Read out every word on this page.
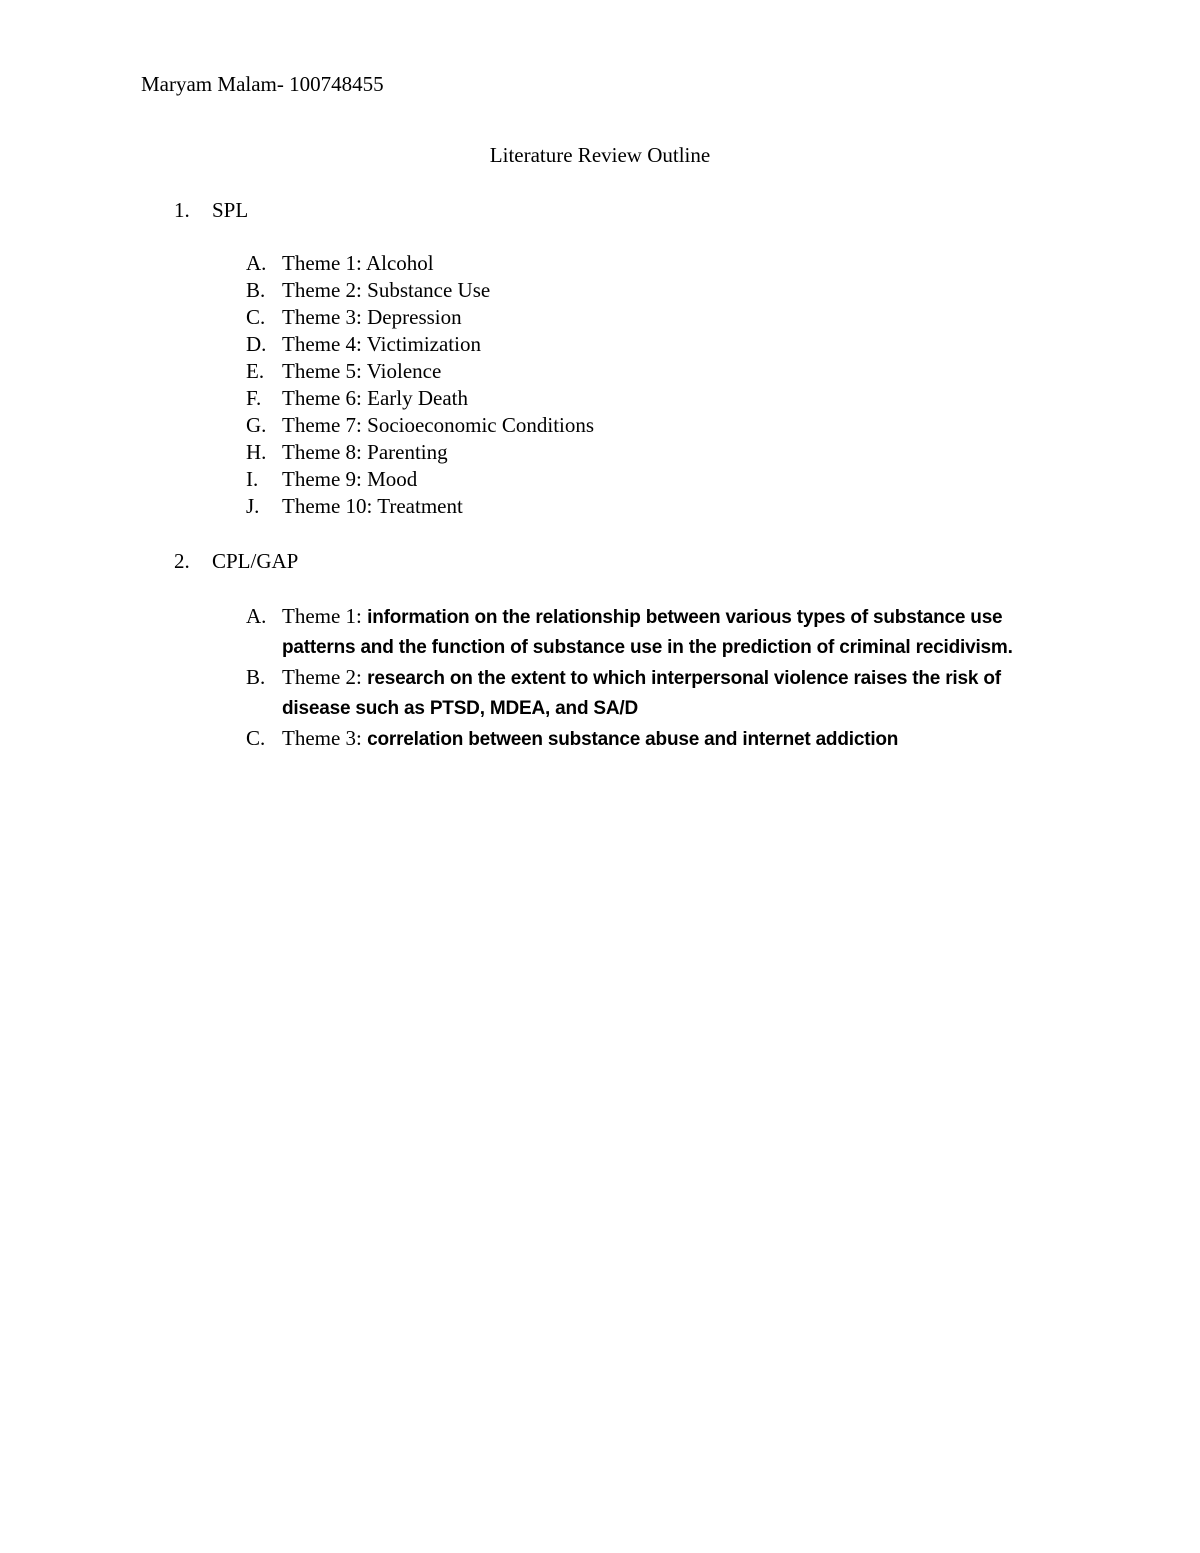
Maryam Malam- 100748455

Literature Review Outline
1.	SPL
A. Theme 1: Alcohol
B. Theme 2: Substance Use
C. Theme 3: Depression
D. Theme 4: Victimization
E. Theme 5: Violence
F. Theme 6: Early Death
G. Theme 7: Socioeconomic Conditions
H. Theme 8: Parenting
I.	Theme 9: Mood
J.	Theme 10: Treatment
2.	CPL/GAP
A. Theme 1: information on the relationship between various types of substance use patterns and the function of substance use in the prediction of criminal recidivism.
B. Theme 2: research on the extent to which interpersonal violence raises the risk of disease such as PTSD, MDEA, and SA/D
C. Theme 3: correlation between substance abuse and internet addiction
